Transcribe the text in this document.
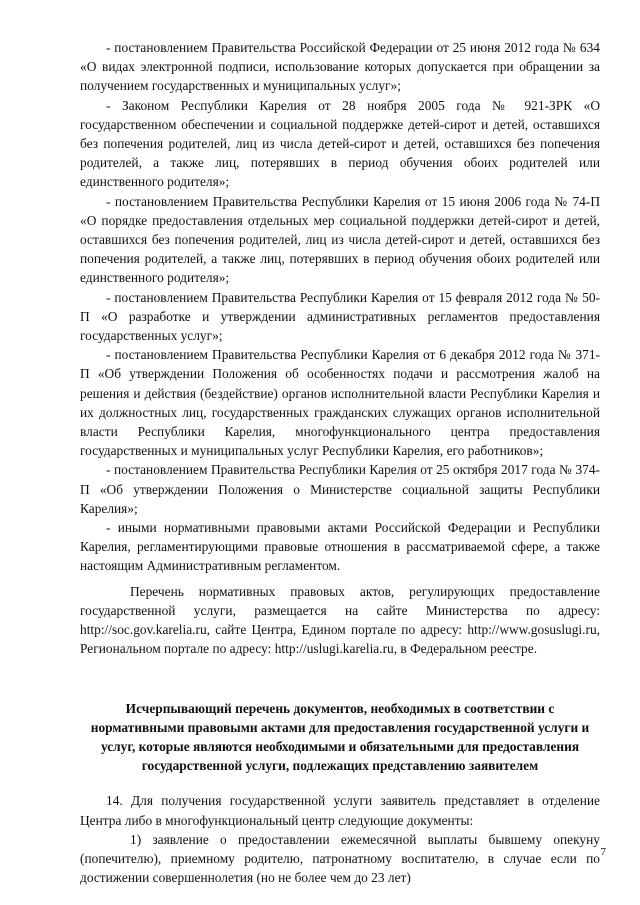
- постановлением Правительства Российской Федерации от 25 июня 2012 года № 634 «О видах электронной подписи, использование которых допускается при обращении за получением государственных и муниципальных услуг»;

- Законом Республики Карелия от 28 ноября 2005 года № 921-ЗРК «О государственном обеспечении и социальной поддержке детей-сирот и детей, оставшихся без попечения родителей, лиц из числа детей-сирот и детей, оставшихся без попечения родителей, а также лиц, потерявших в период обучения обоих родителей или единственного родителя»;

- постановлением Правительства Республики Карелия от 15 июня 2006 года № 74-П «О порядке предоставления отдельных мер социальной поддержки детей-сирот и детей, оставшихся без попечения родителей, лиц из числа детей-сирот и детей, оставшихся без попечения родителей, а также лиц, потерявших в период обучения обоих родителей или единственного родителя»;

- постановлением Правительства Республики Карелия от 15 февраля 2012 года № 50-П «О разработке и утверждении административных регламентов предоставления государственных услуг»;

- постановлением Правительства Республики Карелия от 6 декабря 2012 года № 371-П «Об утверждении Положения об особенностях подачи и рассмотрения жалоб на решения и действия (бездействие) органов исполнительной власти Республики Карелия и их должностных лиц, государственных гражданских служащих органов исполнительной власти Республики Карелия, многофункционального центра предоставления государственных и муниципальных услуг Республики Карелия, его работников»;

- постановлением Правительства Республики Карелия от 25 октября 2017 года № 374-П «Об утверждении Положения о Министерстве социальной защиты Республики Карелия»;

- иными нормативными правовыми актами Российской Федерации и Республики Карелия, регламентирующими правовые отношения в рассматриваемой сфере, а также настоящим Административным регламентом.

Перечень нормативных правовых актов, регулирующих предоставление государственной услуги, размещается на сайте Министерства по адресу: http://soc.gov.karelia.ru, сайте Центра, Едином портале по адресу: http://www.gosuslugi.ru, Региональном портале по адресу: http://uslugi.karelia.ru, в Федеральном реестре.

Исчерпывающий перечень документов, необходимых в соответствии с нормативными правовыми актами для предоставления государственной услуги и услуг, которые являются необходимыми и обязательными для предоставления государственной услуги, подлежащих представлению заявителем

14. Для получения государственной услуги заявитель представляет в отделение Центра либо в многофункциональный центр следующие документы:

1) заявление о предоставлении ежемесячной выплаты бывшему опекуну (попечителю), приемному родителю, патронатному воспитателю, в случае если по достижении совершеннолетия (но не более чем до 23 лет)

7
